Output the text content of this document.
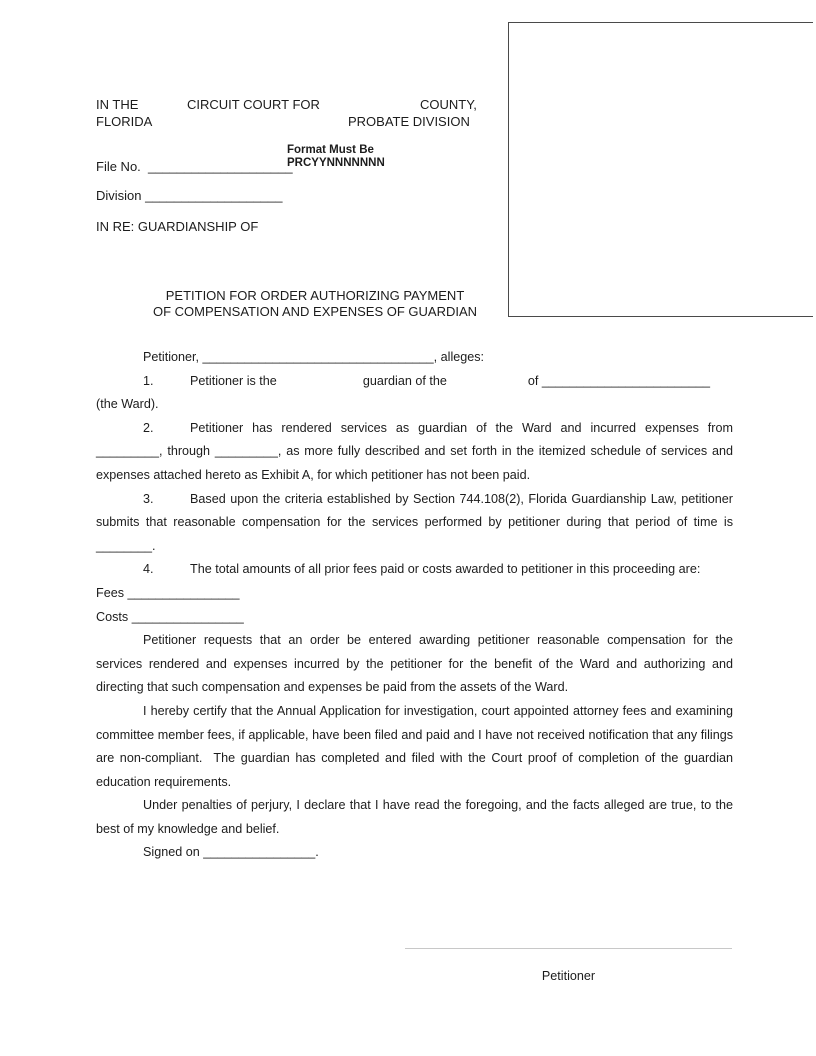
IN THE	CIRCUIT COURT FOR	COUNTY,
FLORIDA	PROBATE DIVISION
Format Must Be
PRCYYNNNNNNN
File No.  ____________________
Division ___________________
IN RE: GUARDIANSHIP OF
PETITION FOR ORDER AUTHORIZING PAYMENT
OF COMPENSATION AND EXPENSES OF GUARDIAN

Petitioner, _________________________________, alleges:

1.	Petitioner is the	guardian of the	of ________________________
(the Ward).

2.	Petitioner has rendered services as guardian of the Ward and incurred expenses from _________, through _________, as more fully described and set forth in the itemized schedule of services and expenses attached hereto as Exhibit A, for which petitioner has not been paid.

3.	Based upon the criteria established by Section 744.108(2), Florida Guardianship Law, petitioner submits that reasonable compensation for the services performed by petitioner during that period of time is ________.

4.	The total amounts of all prior fees paid or costs awarded to petitioner in this proceeding are:

Fees ________________

Costs ________________

Petitioner requests that an order be entered awarding petitioner reasonable compensation for the services rendered and expenses incurred by the petitioner for the benefit of the Ward and authorizing and directing that such compensation and expenses be paid from the assets of the Ward.

I hereby certify that the Annual Application for investigation, court appointed attorney fees and examining committee member fees, if applicable, have been filed and paid and I have not received notification that any filings are non-compliant.  The guardian has completed and filed with the Court proof of completion of the guardian education requirements.

Under penalties of perjury, I declare that I have read the foregoing, and the facts alleged are true, to the best of my knowledge and belief.

Signed on ________________.

Petitioner
